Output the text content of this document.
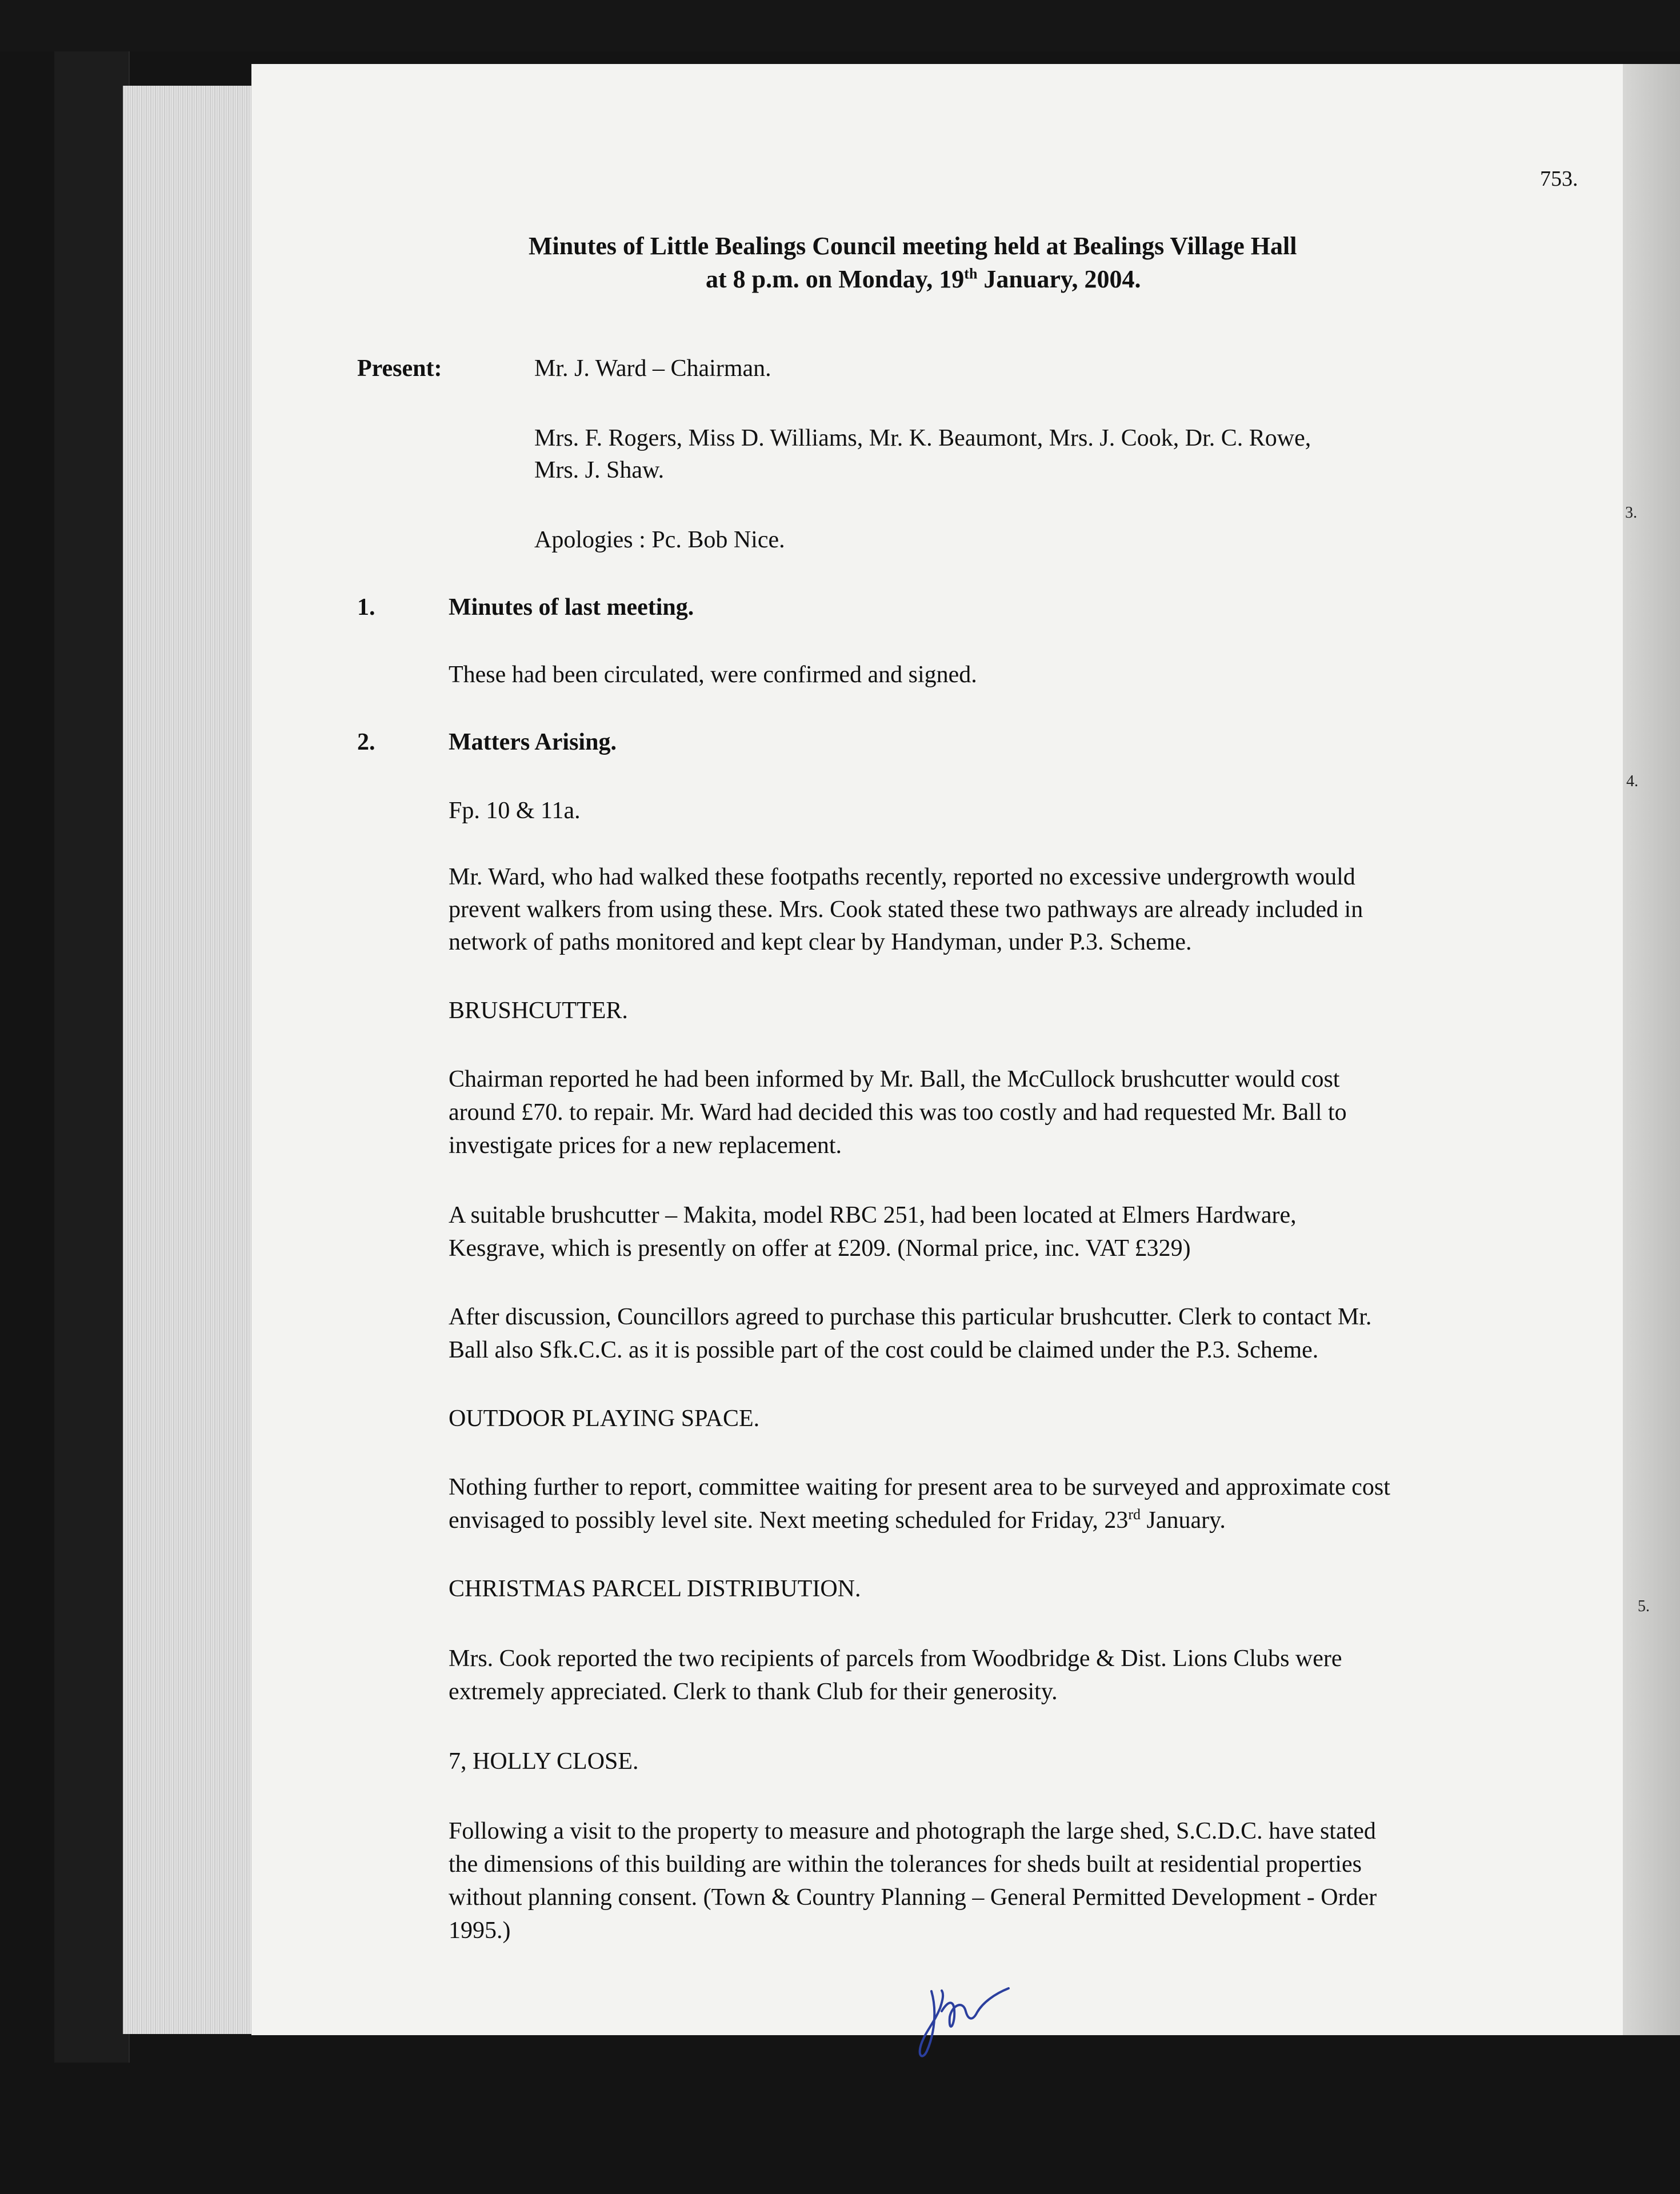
753.
Minutes of Little Bealings Council meeting held at Bealings Village Hall
at 8 p.m. on Monday, 19th January, 2004.
Present:	Mr. J. Ward – Chairman.
Mrs. F. Rogers, Miss D. Williams, Mr. K. Beaumont, Mrs. J. Cook, Dr. C. Rowe,
Mrs. J. Shaw.
Apologies : Pc. Bob Nice.
1.	Minutes of last meeting.
These had been circulated, were confirmed and signed.
2.	Matters Arising.
Fp. 10 & 11a.
Mr. Ward, who had walked these footpaths recently, reported no excessive undergrowth would
prevent walkers from using these. Mrs. Cook stated these two pathways are already included in
network of paths monitored and kept clear by Handyman, under P.3. Scheme.
BRUSHCUTTER.
Chairman reported he had been informed by Mr. Ball, the McCullock brushcutter would cost
around £70. to repair. Mr. Ward had decided this was too costly and had requested Mr. Ball to
investigate prices for a new replacement.
A suitable brushcutter – Makita, model RBC 251, had been located at Elmers Hardware,
Kesgrave, which is presently on offer at £209. (Normal price, inc. VAT £329)
After discussion, Councillors agreed to purchase this particular brushcutter. Clerk to contact Mr.
Ball also Sfk.C.C. as it is possible part of the cost could be claimed under the P.3. Scheme.
OUTDOOR PLAYING SPACE.
Nothing further to report, committee waiting for present area to be surveyed and approximate cost
envisaged to possibly level site. Next meeting scheduled for Friday, 23rd January.
CHRISTMAS PARCEL DISTRIBUTION.
Mrs. Cook reported the two recipients of parcels from Woodbridge & Dist. Lions Clubs were
extremely appreciated. Clerk to thank Club for their generosity.
7, HOLLY CLOSE.
Following a visit to the property to measure and photograph the large shed, S.C.D.C. have stated
the dimensions of this building are within the tolerances for sheds built at residential properties
without planning consent. (Town & Country Planning – General Permitted Development - Order
1995.)
3.
4.
5.
